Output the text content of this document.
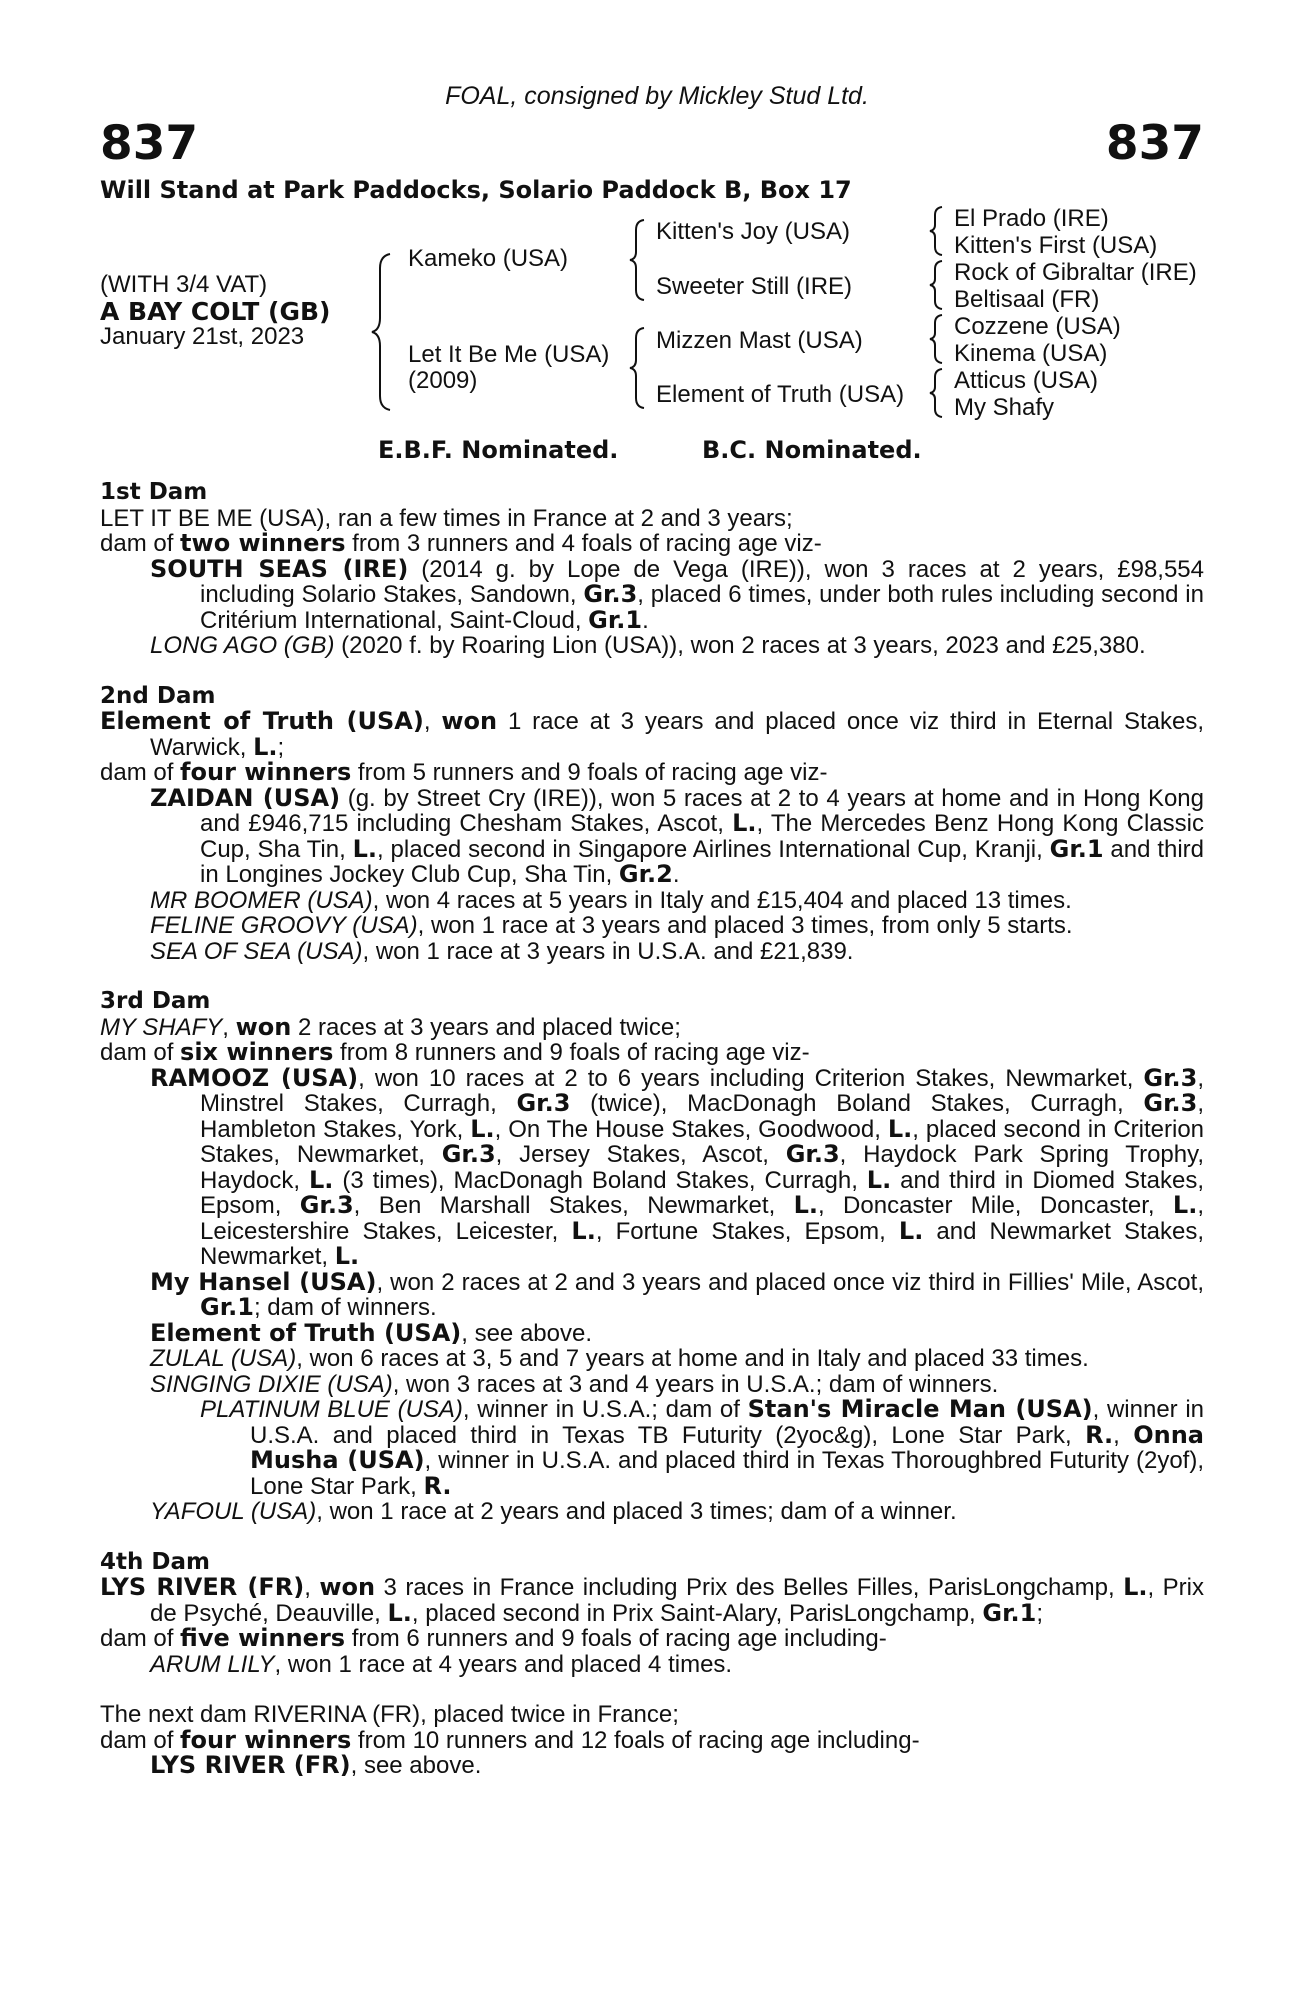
FOAL, consigned by Mickley Stud Ltd.
837	837
Will Stand at Park Paddocks, Solario Paddock B, Box 17
(WITH 3/4 VAT)
A BAY COLT (GB)
January 21st, 2023
Kameko (USA)
Let It Be Me (USA)
(2009)
Kitten's Joy (USA)
Sweeter Still (IRE)
Mizzen Mast (USA)
Element of Truth (USA)
El Prado (IRE)
Kitten's First (USA)
Rock of Gibraltar (IRE)
Beltisaal (FR)
Cozzene (USA)
Kinema (USA)
Atticus (USA)
My Shafy
E.B.F. Nominated.	B.C. Nominated.
1st Dam
LET IT BE ME (USA), ran a few times in France at 2 and 3 years;
dam of two winners from 3 runners and 4 foals of racing age viz-
SOUTH SEAS (IRE) (2014 g. by Lope de Vega (IRE)), won 3 races at 2 years, £98,554 including Solario Stakes, Sandown, Gr.3, placed 6 times, under both rules including second in Critérium International, Saint-Cloud, Gr.1.
LONG AGO (GB) (2020 f. by Roaring Lion (USA)), won 2 races at 3 years, 2023 and £25,380.
2nd Dam
Element of Truth (USA), won 1 race at 3 years and placed once viz third in Eternal Stakes, Warwick, L.;
dam of four winners from 5 runners and 9 foals of racing age viz-
ZAIDAN (USA) (g. by Street Cry (IRE)), won 5 races at 2 to 4 years at home and in Hong Kong and £946,715 including Chesham Stakes, Ascot, L., The Mercedes Benz Hong Kong Classic Cup, Sha Tin, L., placed second in Singapore Airlines International Cup, Kranji, Gr.1 and third in Longines Jockey Club Cup, Sha Tin, Gr.2.
MR BOOMER (USA), won 4 races at 5 years in Italy and £15,404 and placed 13 times.
FELINE GROOVY (USA), won 1 race at 3 years and placed 3 times, from only 5 starts.
SEA OF SEA (USA), won 1 race at 3 years in U.S.A. and £21,839.
3rd Dam
MY SHAFY, won 2 races at 3 years and placed twice;
dam of six winners from 8 runners and 9 foals of racing age viz-
RAMOOZ (USA), won 10 races at 2 to 6 years including Criterion Stakes, Newmarket, Gr.3, Minstrel Stakes, Curragh, Gr.3 (twice), MacDonagh Boland Stakes, Curragh, Gr.3, Hambleton Stakes, York, L., On The House Stakes, Goodwood, L., placed second in Criterion Stakes, Newmarket, Gr.3, Jersey Stakes, Ascot, Gr.3, Haydock Park Spring Trophy, Haydock, L. (3 times), MacDonagh Boland Stakes, Curragh, L. and third in Diomed Stakes, Epsom, Gr.3, Ben Marshall Stakes, Newmarket, L., Doncaster Mile, Doncaster, L., Leicestershire Stakes, Leicester, L., Fortune Stakes, Epsom, L. and Newmarket Stakes, Newmarket, L.
My Hansel (USA), won 2 races at 2 and 3 years and placed once viz third in Fillies' Mile, Ascot, Gr.1; dam of winners.
Element of Truth (USA), see above.
ZULAL (USA), won 6 races at 3, 5 and 7 years at home and in Italy and placed 33 times.
SINGING DIXIE (USA), won 3 races at 3 and 4 years in U.S.A.; dam of winners.
PLATINUM BLUE (USA), winner in U.S.A.; dam of Stan's Miracle Man (USA), winner in U.S.A. and placed third in Texas TB Futurity (2yoc&g), Lone Star Park, R., Onna Musha (USA), winner in U.S.A. and placed third in Texas Thoroughbred Futurity (2yof), Lone Star Park, R.
YAFOUL (USA), won 1 race at 2 years and placed 3 times; dam of a winner.
4th Dam
LYS RIVER (FR), won 3 races in France including Prix des Belles Filles, ParisLongchamp, L., Prix de Psyché, Deauville, L., placed second in Prix Saint-Alary, ParisLongchamp, Gr.1;
dam of five winners from 6 runners and 9 foals of racing age including-
ARUM LILY, won 1 race at 4 years and placed 4 times.
The next dam RIVERINA (FR), placed twice in France;
dam of four winners from 10 runners and 12 foals of racing age including-
LYS RIVER (FR), see above.
